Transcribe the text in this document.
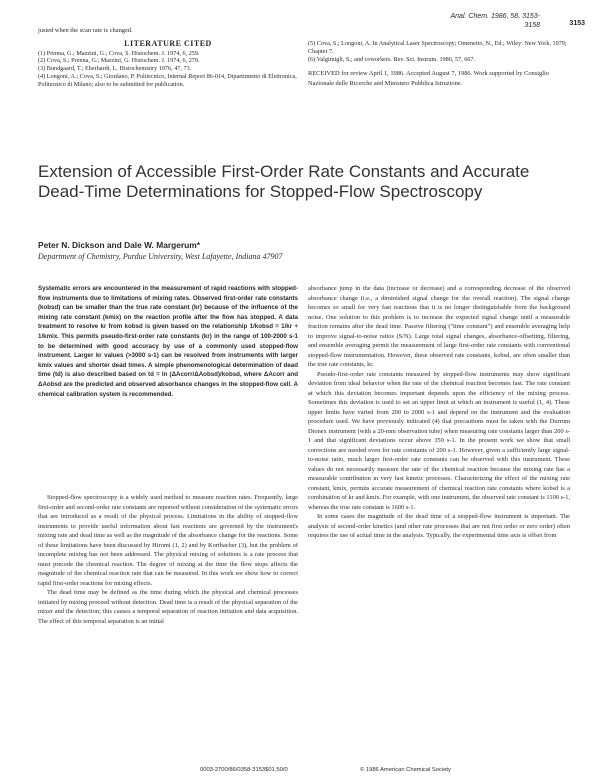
Anal. Chem. 1986, 58, 3153-3158	3153
justed when the scan rate is changed.
LITERATURE CITED

(1) Prenna, G.; Mazzini, G.; Cova, S. Histochem. J. 1974, 6, 259.

(2) Cova, S.; Prenna, G.; Mazzini, G. Histochem. J. 1974, 6, 279.

(3) Bundgaard, T.; Eberhardt, L. Histochemistry 1976, 47, 73.

(4) Longoni, A.; Cova, S.; Giordano, P. Politecnico, Internal Report 86-014, Dipartimento di Elettronica, Politecnico di Milano; also to be submitted for publication.

(5) Cova, S.; Longoni, A. In Analytical Laser Spectroscopy; Omenetto, N., Ed.; Wiley: New York, 1979; Chapter 7.

(6) Valgimigli, S.; and coworkers. Rev. Sci. Instrum. 1986, 57, 667.

RECEIVED for review April 1, 1986. Accepted August 7, 1986. Work supported by Consiglio Nazionale delle Ricerche and Ministero Pubblica Istruzione.
Extension of Accessible First-Order Rate Constants and Accurate Dead-Time Determinations for Stopped-Flow Spectroscopy
Peter N. Dickson and Dale W. Margerum*
Department of Chemistry, Purdue University, West Lafayette, Indiana 47907
Systematic errors are encountered in the measurement of rapid reactions with stopped-flow instruments due to limitations of mixing rates. Observed first-order rate constants (kobsd) can be smaller than the true rate constant (kr) because of the influence of the mixing rate constant (kmix) on the reaction profile after the flow has stopped. A data treatment to resolve kr from kobsd is given based on the relationship 1/kobsd = 1/kr + 1/kmix. This permits pseudo-first-order rate constants (kr) in the range of 100-2000 s-1 to be determined with good accuracy by use of a commonly used stopped-flow instrument. Larger kr values (>3000 s-1) can be resolved from instruments with larger kmix values and shorter dead times. A simple phenomenological determination of dead time (td) is also described based on td = ln (ΔAcorr/ΔAobsd)/kobsd, where ΔAcorr and ΔAobsd are the predicted and observed absorbance changes in the stopped-flow cell. A chemical calibration system is recommended.

Stopped-flow spectroscopy is a widely used method to measure reaction rates. Frequently, large first-order and second-order rate constants are reported without consideration of the systematic errors that are introduced as a result of the physical process. Limitations in the ability of stopped-flow instruments to provide useful information about fast reactions are governed by the instrument's mixing rate and dead time as well as the magnitude of the absorbance change for the reactions. Some of these limitations have been discussed by Hiromi (1, 2) and by Kortbacher (3), but the problem of incomplete mixing has not been addressed. The physical mixing of solutions is a rate process that must precede the chemical reaction. The degree of mixing at the time the flow stops affects the magnitude of the chemical reaction rate that can be measured. In this work we show how to correct rapid first-order reactions for mixing effects.

The dead time may be defined as the time during which the physical and chemical processes initiated by mixing proceed without detection. Dead time is a result of the physical separation of the mixer and the detection; this causes a temporal separation of reaction initiation and data acquisition. The effect of this temporal separation is an initial

absorbance jump in the data (increase or decrease) and a corresponding decrease of the observed absorbance change (i.e., a diminished signal change for the overall reaction). The signal change becomes so small for very fast reactions that it is no longer distinguishable from the background noise. One solution to this problem is to increase the expected signal change until a measurable fraction remains after the dead time. Passive filtering ("time constant") and ensemble averaging help to improve signal-to-noise ratios (S/N). Large total signal changes, absorbance-offsetting, filtering, and ensemble averaging permit the measurement of large first-order rate constants with conventional stopped-flow instrumentation. However, these observed rate constants, kobsd, are often smaller than the true rate constants, kr.

Pseudo-first-order rate constants measured by stopped-flow instruments may show significant deviation from ideal behavior when the rate of the chemical reaction becomes fast. The rate constant at which this deviation becomes important depends upon the efficiency of the mixing process. Sometimes this deviation is used to set an upper limit at which an instrument is useful (1, 4). These upper limits have varied from 200 to 2000 s-1 and depend on the instrument and the evaluation procedure used. We have previously indicated (4) that precautions must be taken with the Durrum Dionex instrument (with a 20-mm observation tube) when measuring rate constants larger than 200 s-1 and that significant deviations occur above 350 s-1. In the present work we show that small corrections are needed even for rate constants of 200 s-1. However, given a sufficiently large signal-to-noise ratio, much larger first-order rate constants can be observed with this instrument. These values do not necessarily measure the rate of the chemical reaction because the mixing rate has a measurable contribution in very fast kinetic processes. Characterizing the effect of the mixing rate constant, kmix, permits accurate measurement of chemical reaction rate constants where kobsd is a combination of kr and kmix. For example, with one instrument, the observed rate constant is 1100 s-1, whereas the true rate constant is 1600 s-1.

In some cases the magnitude of the dead time of a stopped-flow instrument is important. The analysis of second-order kinetics (and other rate processes that are not first order or zero order) often requires the use of actual time in the analysis. Typically, the experimental time axis is offset from

0003-2700/86/0358-3153$01.50/0	© 1986 American Chemical Society
